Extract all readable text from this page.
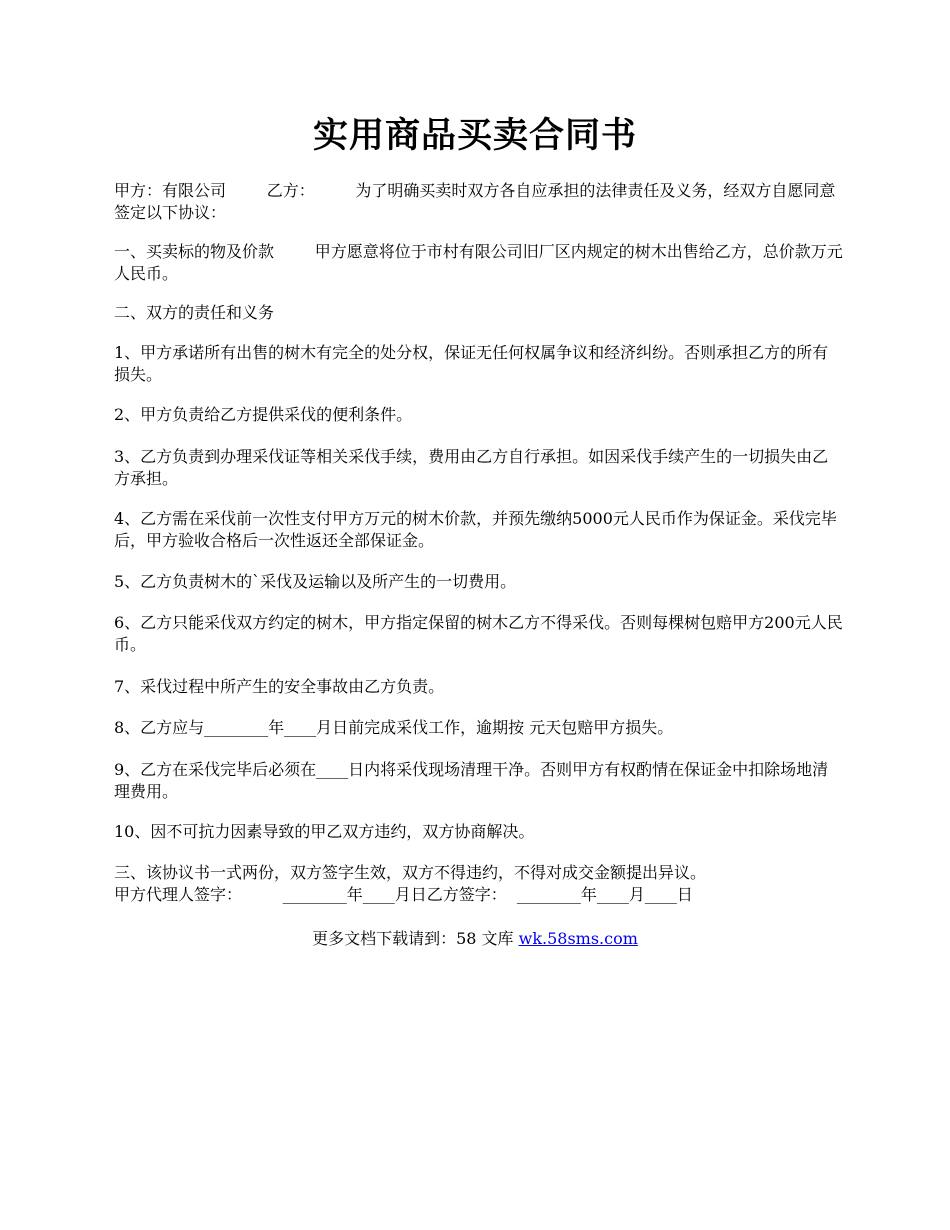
实用商品买卖合同书

甲方：有限公司        乙方：        为了明确买卖时双方各自应承担的法律责任及义务，经双方自愿同意签定以下协议：

一、买卖标的物及价款        甲方愿意将位于市村有限公司旧厂区内规定的树木出售给乙方，总价款万元人民币。

二、双方的责任和义务

1、甲方承诺所有出售的树木有完全的处分权，保证无任何权属争议和经济纠纷。否则承担乙方的所有损失。

2、甲方负责给乙方提供采伐的便利条件。

3、乙方负责到办理采伐证等相关采伐手续，费用由乙方自行承担。如因采伐手续产生的一切损失由乙方承担。

4、乙方需在采伐前一次性支付甲方万元的树木价款，并预先缴纳5000元人民币作为保证金。采伐完毕后，甲方验收合格后一次性返还全部保证金。

5、乙方负责树木的`采伐及运输以及所产生的一切费用。

6、乙方只能采伐双方约定的树木，甲方指定保留的树木乙方不得采伐。否则每棵树包赔甲方200元人民币。

7、采伐过程中所产生的安全事故由乙方负责。

8、乙方应与________年____月日前完成采伐工作，逾期按 元天包赔甲方损失。

9、乙方在采伐完毕后必须在____日内将采伐现场清理干净。否则甲方有权酌情在保证金中扣除场地清理费用。

10、因不可抗力因素导致的甲乙双方违约，双方协商解决。

三、该协议书一式两份，双方签字生效，双方不得违约，不得对成交金额提出异议。

甲方代理人签字：        ________年____月日乙方签字：  ________年____月____日

更多文档下载请到：58 文库 wk.58sms.com
